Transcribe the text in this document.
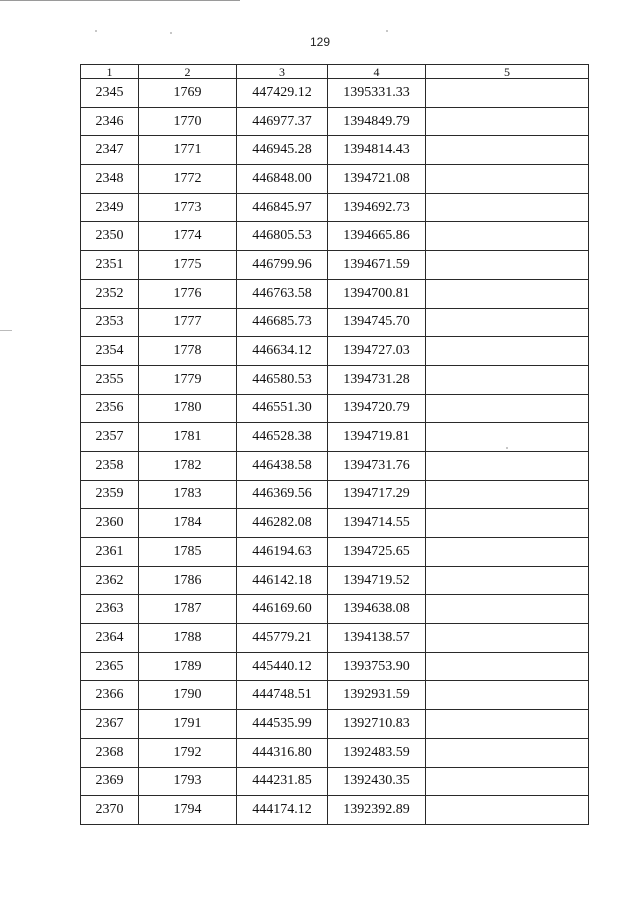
129
1	2	3	4	5
2345	1769	447429.12	1395331.33	
2346	1770	446977.37	1394849.79	
2347	1771	446945.28	1394814.43	
2348	1772	446848.00	1394721.08	
2349	1773	446845.97	1394692.73	
2350	1774	446805.53	1394665.86	
2351	1775	446799.96	1394671.59	
2352	1776	446763.58	1394700.81	
2353	1777	446685.73	1394745.70	
2354	1778	446634.12	1394727.03	
2355	1779	446580.53	1394731.28	
2356	1780	446551.30	1394720.79	
2357	1781	446528.38	1394719.81	
2358	1782	446438.58	1394731.76	
2359	1783	446369.56	1394717.29	
2360	1784	446282.08	1394714.55	
2361	1785	446194.63	1394725.65	
2362	1786	446142.18	1394719.52	
2363	1787	446169.60	1394638.08	
2364	1788	445779.21	1394138.57	
2365	1789	445440.12	1393753.90	
2366	1790	444748.51	1392931.59	
2367	1791	444535.99	1392710.83	
2368	1792	444316.80	1392483.59	
2369	1793	444231.85	1392430.35	
2370	1794	444174.12	1392392.89	
